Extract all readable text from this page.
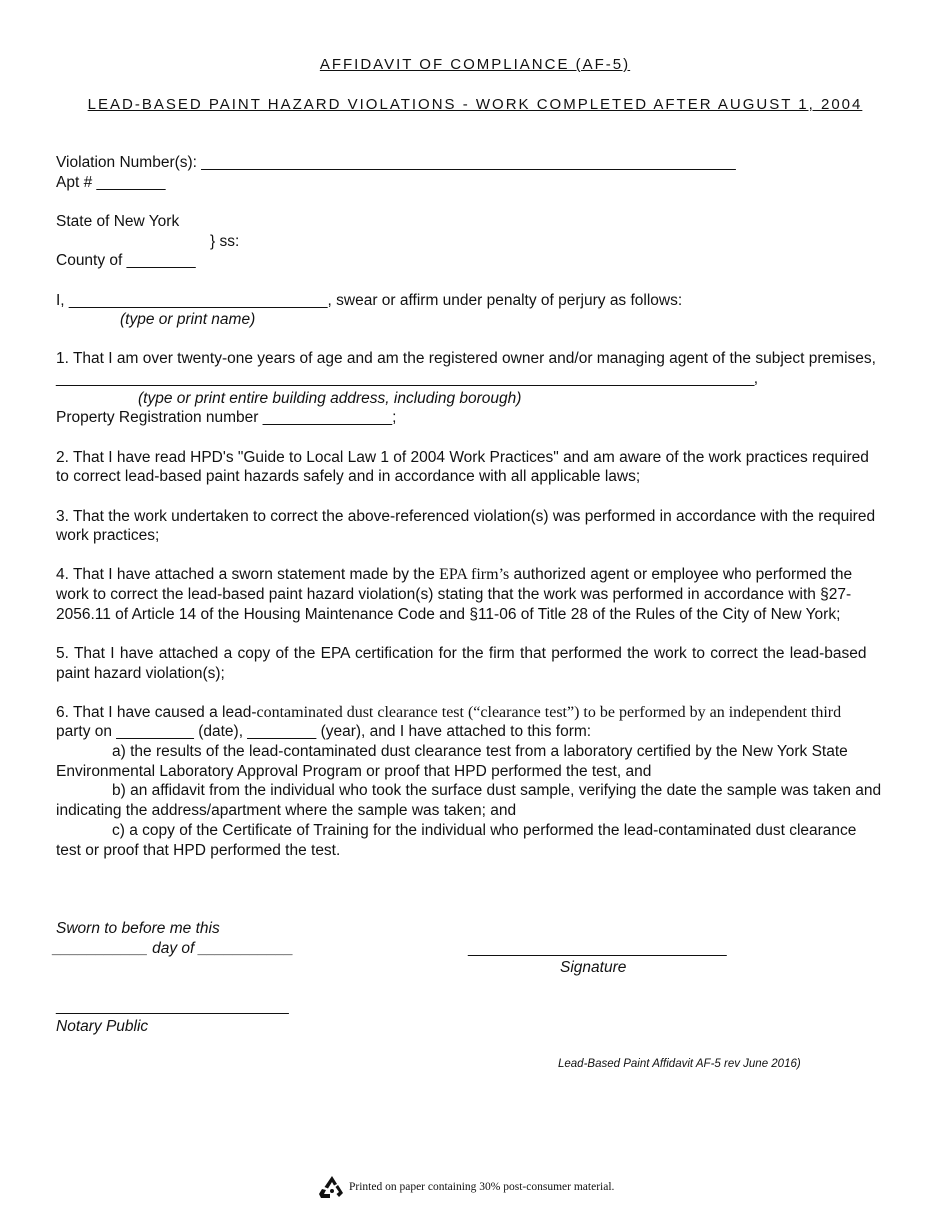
AFFIDAVIT OF COMPLIANCE (AF-5)
LEAD-BASED PAINT HAZARD VIOLATIONS - WORK COMPLETED AFTER AUGUST 1, 2004
Violation Number(s): ______________________________________________________________
Apt # ________
State of New York
} ss:
County of ________
I, ______________________________, swear or affirm under penalty of perjury as follows:
(type or print name)
1. That I am over twenty-one years of age and am the registered owner and/or managing agent of the subject premises,
_______________________________________________________________________________________,
(type or print entire building address, including borough)
Property Registration number _______________;
2. That I have read HPD's "Guide to Local Law 1 of 2004 Work Practices" and am aware of the work practices required
to correct lead-based paint hazards safely and in accordance with all applicable laws;
3. That the work undertaken to correct the above-referenced violation(s) was performed in accordance with the required
work practices;
4. That I have attached a sworn statement made by the EPA firm’s authorized agent or employee who performed the
work to correct the lead-based paint hazard violation(s) stating that the work was performed in accordance with §27-
2056.11 of Article 14 of the Housing Maintenance Code and §11-06 of Title 28 of the Rules of the City of New York;
5. That I have attached a copy of the EPA certification for the firm that performed the work to correct the lead-based
paint hazard violation(s);
6. That I have caused a lead-contaminated dust clearance test (“clearance test”) to be performed by an independent third
party on _________ (date), ________ (year), and I have attached to this form:
a) the results of the lead-contaminated dust clearance test from a laboratory certified by the New York State
Environmental Laboratory Approval Program or proof that HPD performed the test, and
b) an affidavit from the individual who took the surface dust sample, verifying the date the sample was taken and
indicating the address/apartment where the sample was taken; and
c) a copy of the Certificate of Training for the individual who performed the lead-contaminated dust clearance
test or proof that HPD performed the test.
Sworn to before me this
___________ day of ___________	______________________________
Signature
___________________________
Notary Public
Lead-Based Paint Affidavit AF-5 rev June 2016)
Printed on paper containing 30% post-consumer material.
